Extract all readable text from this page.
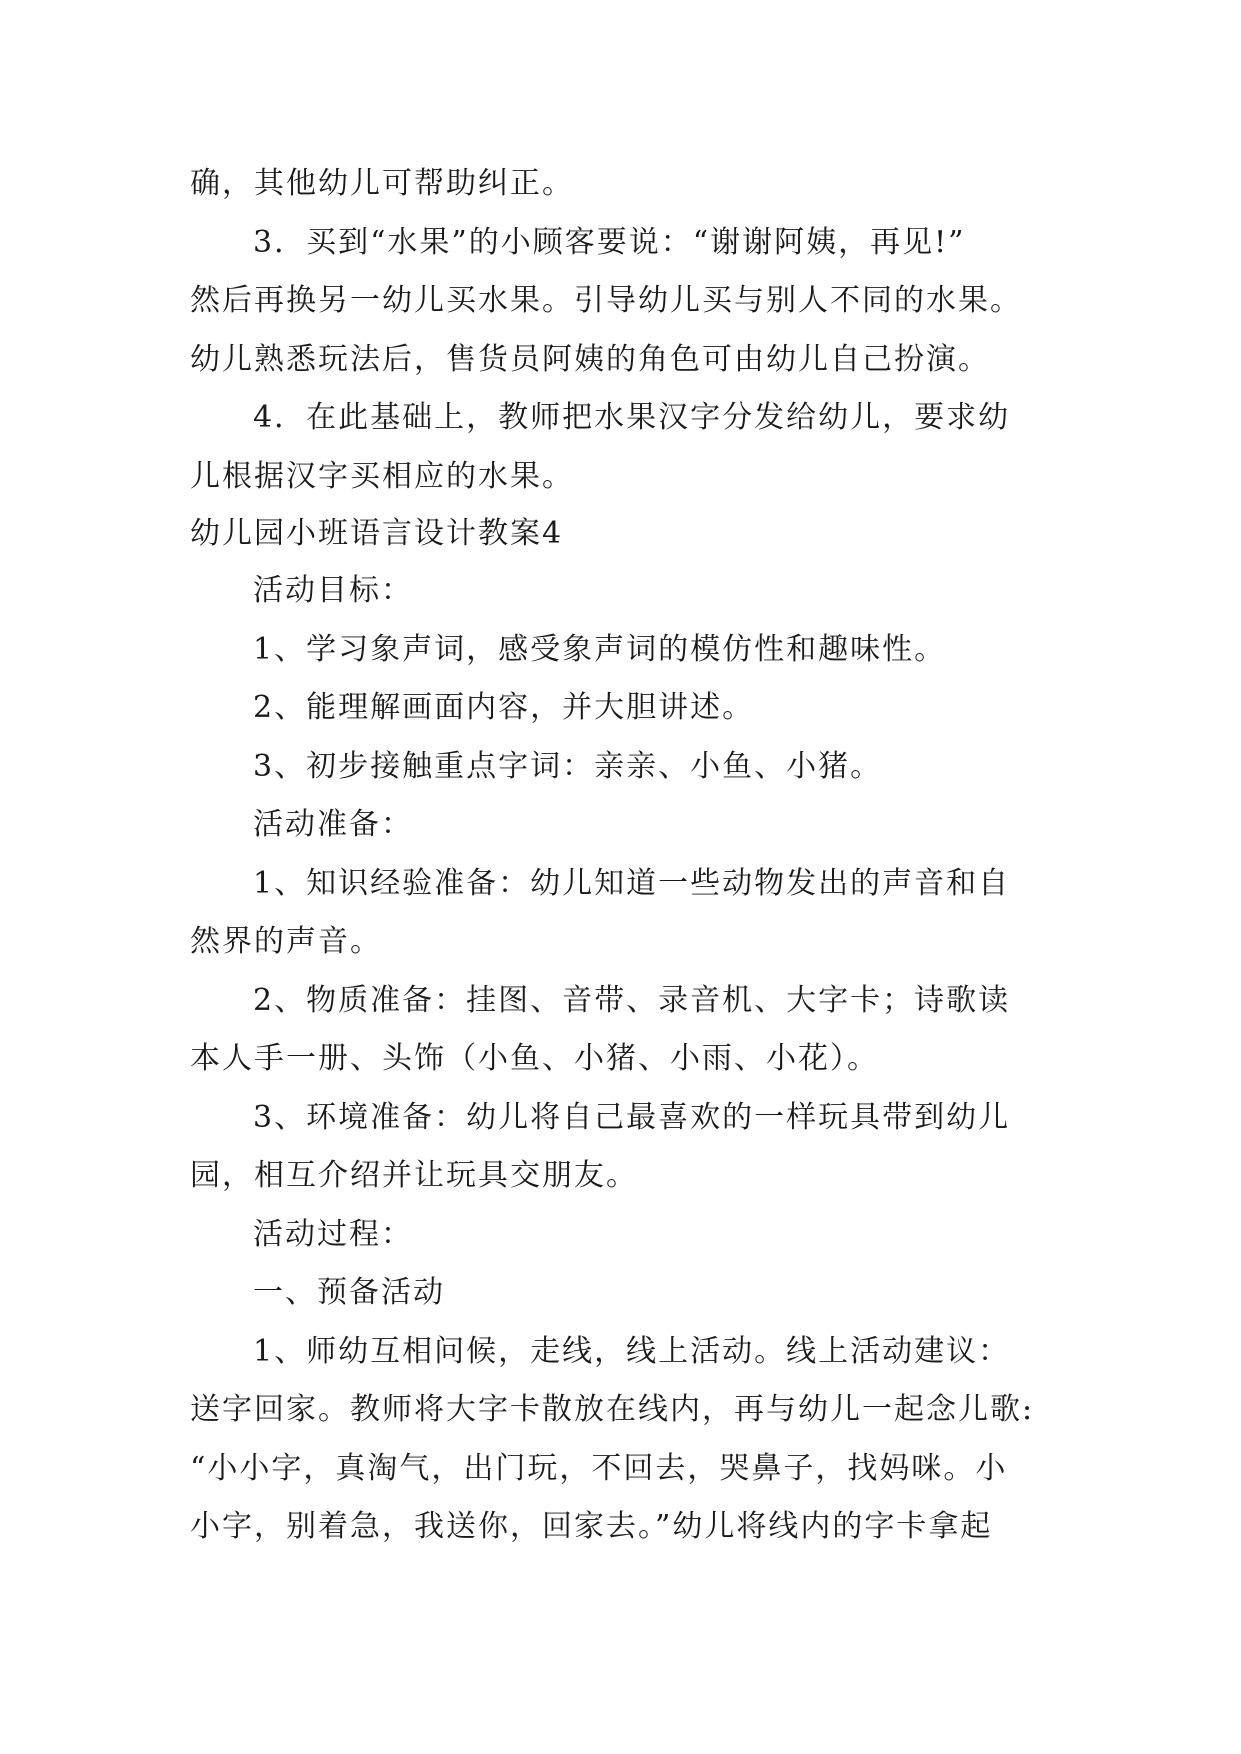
确，其他幼儿可帮助纠正。
3．买到“水果”的小顾客要说：“谢谢阿姨，再见!”
然后再换另一幼儿买水果。引导幼儿买与别人不同的水果。
幼儿熟悉玩法后，售货员阿姨的角色可由幼儿自己扮演。
4．在此基础上，教师把水果汉字分发给幼儿，要求幼
儿根据汉字买相应的水果。
幼儿园小班语言设计教案4
活动目标：
1、学习象声词，感受象声词的模仿性和趣味性。
2、能理解画面内容，并大胆讲述。
3、初步接触重点字词：亲亲、小鱼、小猪。
活动准备：
1、知识经验准备：幼儿知道一些动物发出的声音和自
然界的声音。
2、物质准备：挂图、音带、录音机、大字卡；诗歌读
本人手一册、头饰（小鱼、小猪、小雨、小花）。
3、环境准备：幼儿将自己最喜欢的一样玩具带到幼儿
园，相互介绍并让玩具交朋友。
活动过程：
一、预备活动
1、师幼互相问候，走线，线上活动。线上活动建议：
送字回家。教师将大字卡散放在线内，再与幼儿一起念儿歌:
“小小字，真淘气，出门玩，不回去，哭鼻子，找妈咪。小
小字，别着急，我送你，回家去。”幼儿将线内的字卡拿起
